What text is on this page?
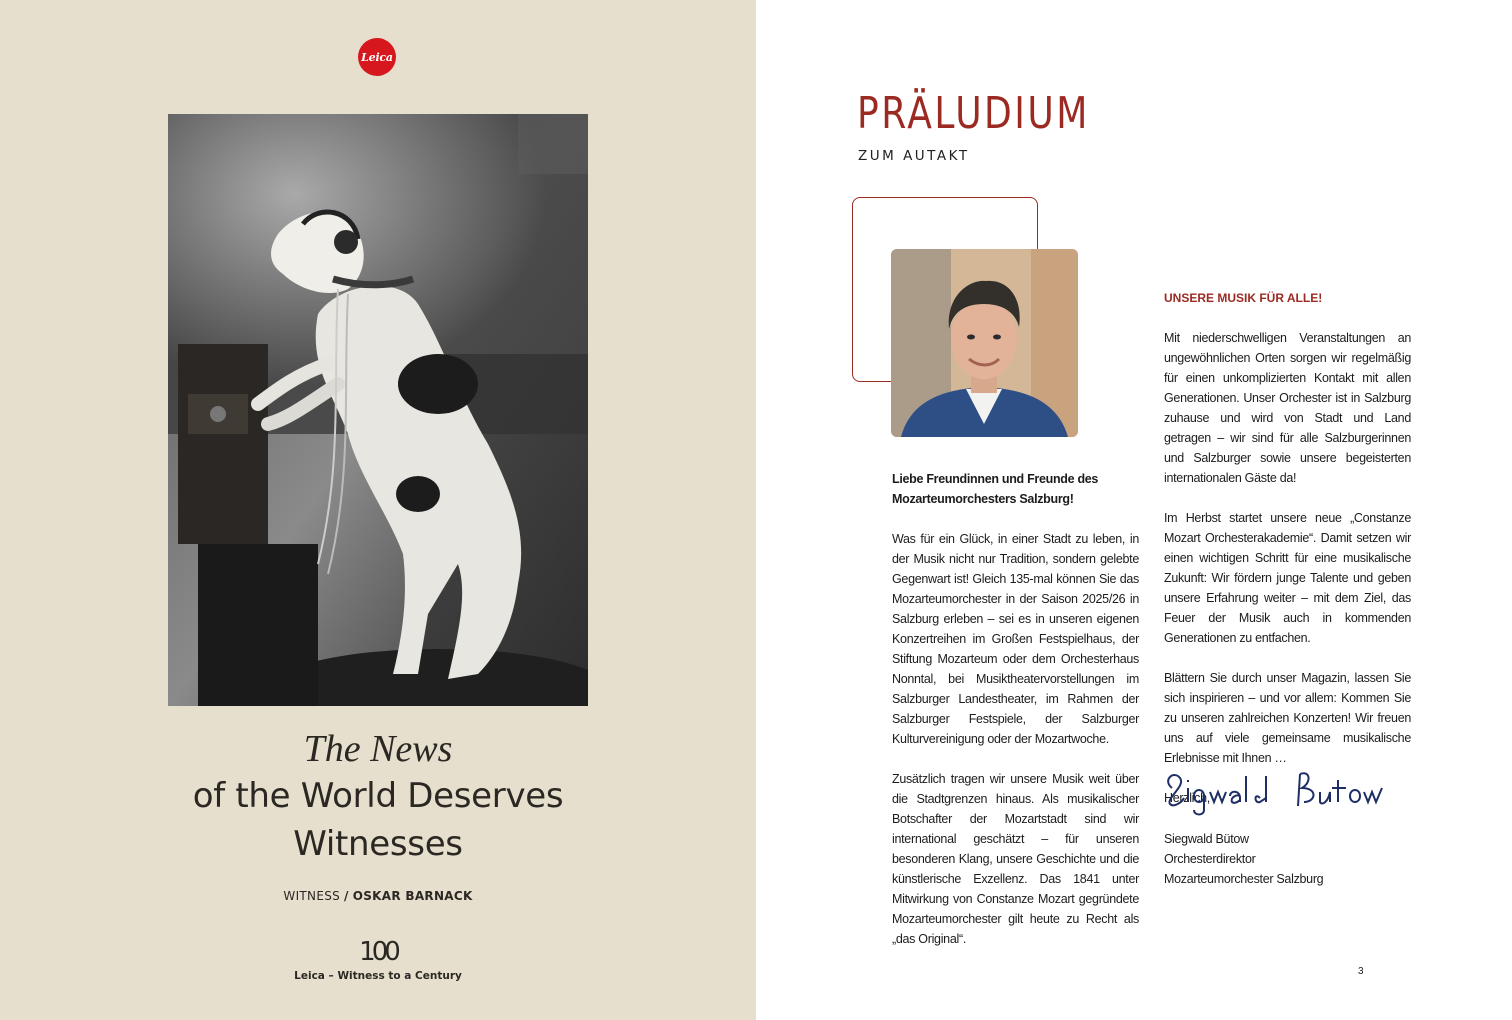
Leica
The News
of the World Deserves
Witnesses
WITNESS / OSKAR BARNACK
100
Leica – Witness to a Century
PRÄLUDIUM
ZUM AUTAKT

Liebe Freundinnen und Freunde des Mozarteumorchesters Salzburg!

Was für ein Glück, in einer Stadt zu leben, in der Musik nicht nur Tradition, sondern gelebte Gegenwart ist! Gleich 135-mal können Sie das Mozarteumorchester in der Saison 2025/26 in Salzburg erleben – sei es in unseren eigenen Konzertreihen im Großen Festspielhaus, der Stiftung Mozarteum oder dem Orchesterhaus Nonntal, bei Musiktheatervorstellungen im Salzburger Landestheater, im Rahmen der Salzburger Festspiele, der Salzburger Kulturvereinigung oder der Mozartwoche.

Zusätzlich tragen wir unsere Musik weit über die Stadtgrenzen hinaus. Als musikalischer Botschafter der Mozartstadt sind wir international geschätzt – für unseren besonderen Klang, unsere Geschichte und die künstlerische Exzellenz. Das 1841 unter Mitwirkung von Constanze Mozart gegründete Mozarteumorchester gilt heute zu Recht als „das Original“.

UNSERE MUSIK FÜR ALLE!

Mit niederschwelligen Veranstaltungen an ungewöhnlichen Orten sorgen wir regelmäßig für einen unkomplizierten Kontakt mit allen Generationen. Unser Orchester ist in Salzburg zuhause und wird von Stadt und Land getragen – wir sind für alle Salzburgerinnen und Salzburger sowie unsere begeisterten internationalen Gäste da!

Im Herbst startet unsere neue „Constanze Mozart Orchesterakademie“. Damit setzen wir einen wichtigen Schritt für eine musikalische Zukunft: Wir fördern junge Talente und geben unsere Erfahrung weiter – mit dem Ziel, das Feuer der Musik auch in kommenden Generationen zu entfachen.

Blättern Sie durch unser Magazin, lassen Sie sich inspirieren – und vor allem: Kommen Sie zu unseren zahlreichen Konzerten! Wir freuen uns auf viele gemeinsame musikalische Erlebnisse mit Ihnen …

Herzlich,

Siegwald Bütow
Orchesterdirektor
Mozarteumorchester Salzburg
3
